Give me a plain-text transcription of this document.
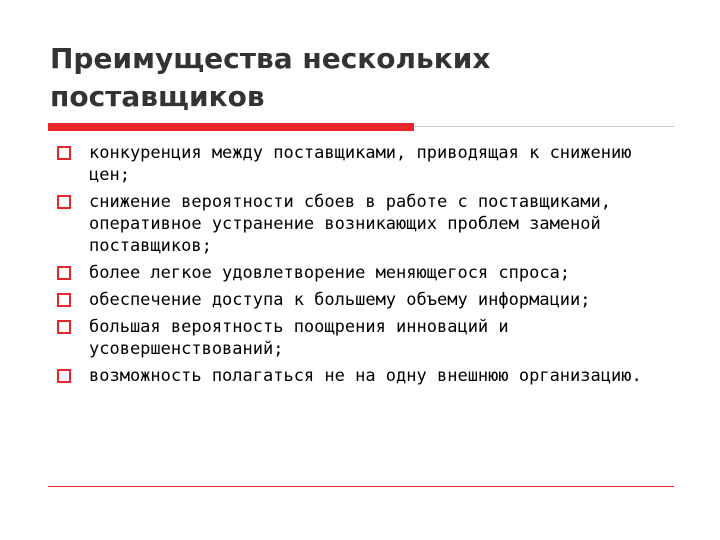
Преимущества нескольких поставщиков
конкуренция между поставщиками, приводящая к снижению цен;
снижение вероятности сбоев в работе с поставщиками, оперативное устранение возникающих проблем заменой поставщиков;
более легкое удовлетворение меняющегося спроса;
обеспечение доступа к большему объему информации;
большая вероятность поощрения инноваций и усовершенствований;
возможность полагаться не на одну внешнюю организацию.
